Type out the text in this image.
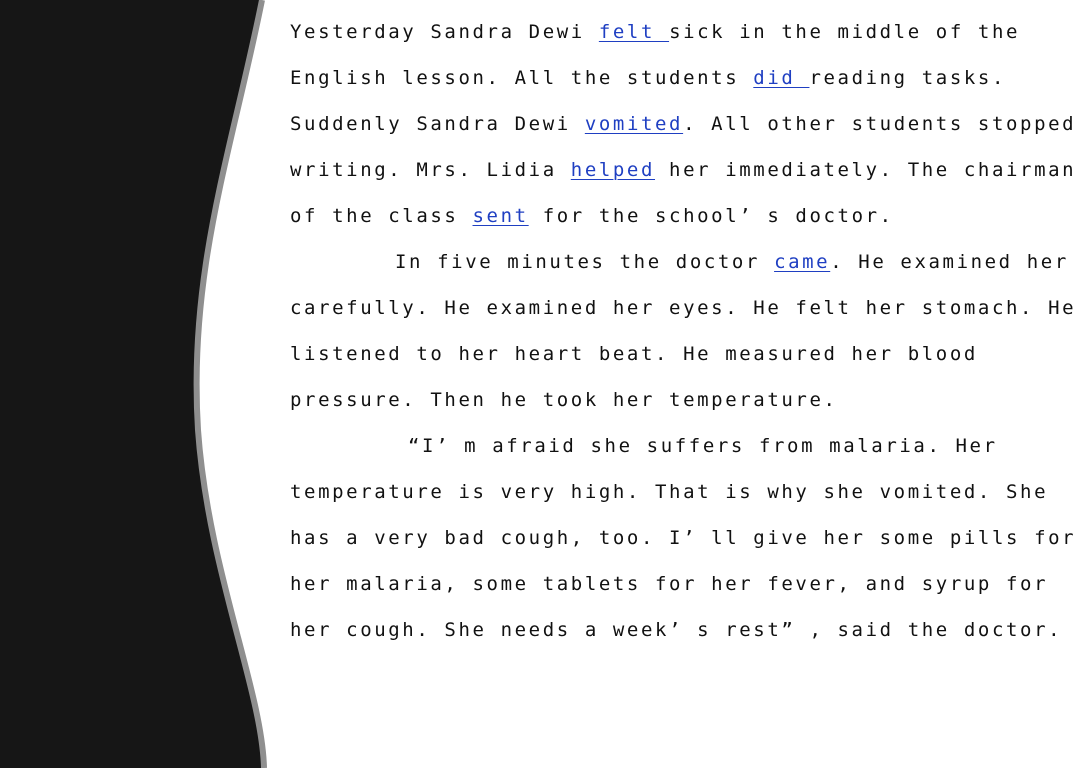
Yesterday Sandra Dewi felt sick in the middle of the
English lesson. All the students did reading tasks.
Suddenly Sandra Dewi vomited. All other students stopped
writing. Mrs. Lidia helped her immediately. The chairman
of the class sent for the school’ s doctor.
In five minutes the doctor came. He examined her
carefully. He examined her eyes. He felt her stomach. He
listened to her heart beat. He measured her blood
pressure. Then he took her temperature.
“I’ m afraid she suffers from malaria. Her
temperature is very high. That is why she vomited. She
has a very bad cough, too. I’ ll give her some pills for
her malaria, some tablets for her fever, and syrup for
her cough. She needs a week’ s rest” , said the doctor.
